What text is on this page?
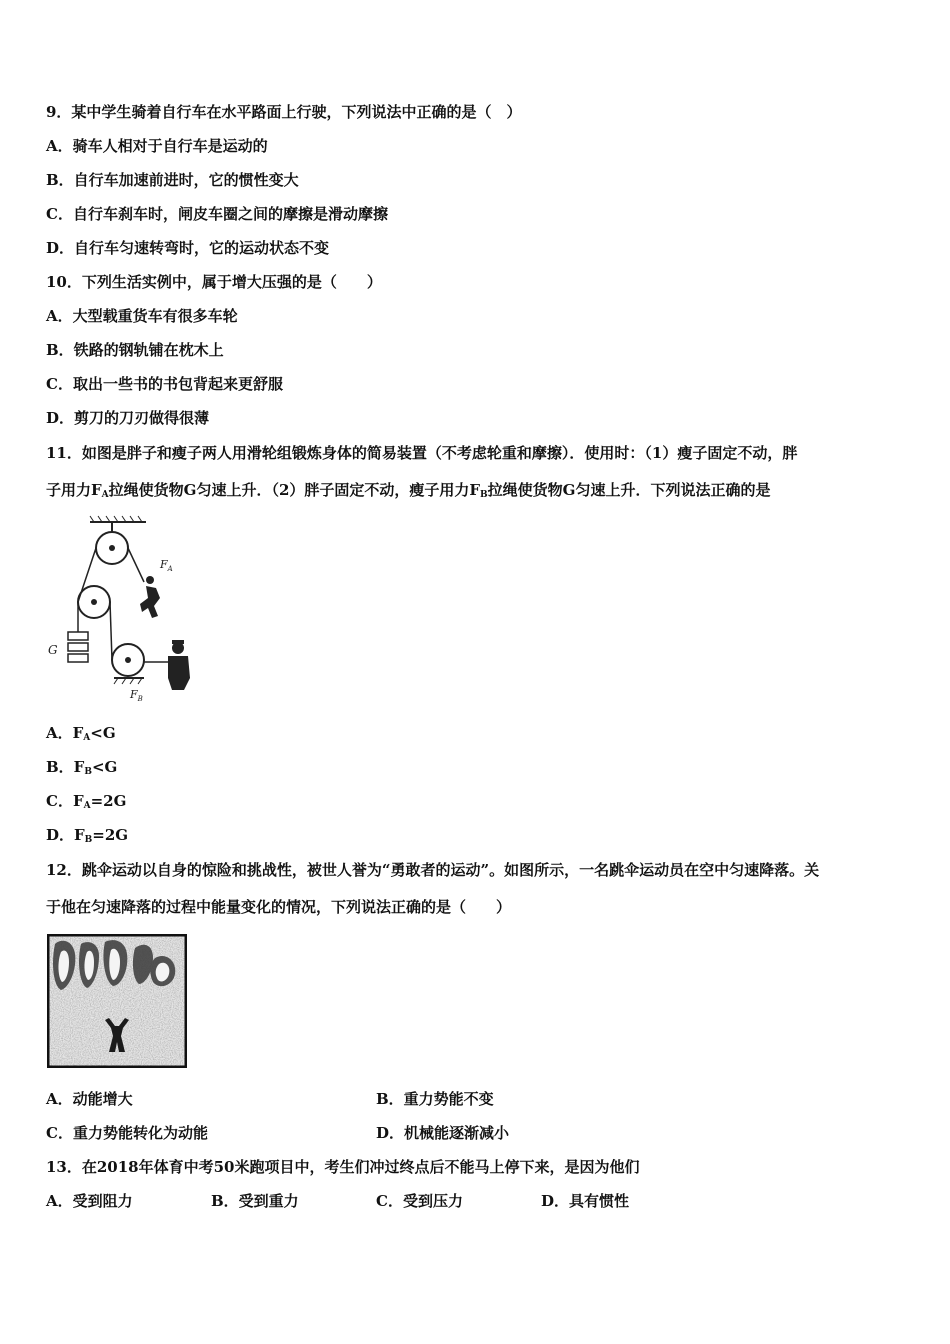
9．某中学生骑着自行车在水平路面上行驶，下列说法中正确的是（　）
A．骑车人相对于自行车是运动的
B．自行车加速前进时，它的惯性变大
C．自行车刹车时，闸皮车圈之间的摩擦是滑动摩擦
D．自行车匀速转弯时，它的运动状态不变
10．下列生活实例中，属于增大压强的是（　　）
A．大型载重货车有很多车轮
B．铁路的钢轨铺在枕木上
C．取出一些书的书包背起来更舒服
D．剪刀的刀刃做得很薄
11．如图是胖子和瘦子两人用滑轮组锻炼身体的简易装置（不考虑轮重和摩擦）．使用时：（1）瘦子固定不动，胖
子用力$F_A$拉绳使货物G匀速上升．（2）胖子固定不动，瘦子用力$F_B$拉绳使货物G匀速上升．下列说法正确的是
$F_A$
G
$F_B$
A．$F_A<G$
B．$F_B<G$
C．$F_A=2G$
D．$F_B=2G$
12．跳伞运动以自身的惊险和挑战性，被世人誉为“勇敢者的运动”。如图所示，一名跳伞运动员在空中匀速降落。关
于他在匀速降落的过程中能量变化的情况，下列说法正确的是（　　）
A．动能增大	B．重力势能不变
C．重力势能转化为动能	D．机械能逐渐减小
13．在2018年体育中考50米跑项目中，考生们冲过终点后不能马上停下来，是因为他们
A．受到阻力	B．受到重力	C．受到压力	D．具有惯性
